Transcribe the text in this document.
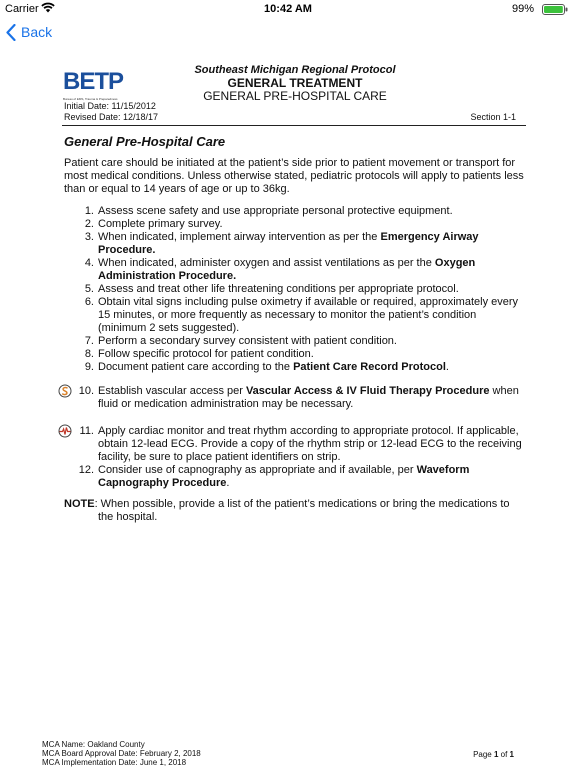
Carrier	10:42 AM	99%
Back
BETP
Bureau of EMS, Trauma & Preparedness
Southeast Michigan Regional Protocol
GENERAL TREATMENT
GENERAL PRE-HOSPITAL CARE
Initial Date: 11/15/2012
Revised Date: 12/18/17	Section 1-1
General Pre-Hospital Care
Patient care should be initiated at the patient’s side prior to patient movement or transport for most medical conditions. Unless otherwise stated, pediatric protocols will apply to patients less than or equal to 14 years of age or up to 36kg.
1. Assess scene safety and use appropriate personal protective equipment.
2. Complete primary survey.
3. When indicated, implement airway intervention as per the Emergency Airway Procedure.
4. When indicated, administer oxygen and assist ventilations as per the Oxygen Administration Procedure.
5. Assess and treat other life threatening conditions per appropriate protocol.
6. Obtain vital signs including pulse oximetry if available or required, approximately every 15 minutes, or more frequently as necessary to monitor the patient’s condition (minimum 2 sets suggested).
7. Perform a secondary survey consistent with patient condition.
8. Follow specific protocol for patient condition.
9. Document patient care according to the Patient Care Record Protocol.
10. Establish vascular access per Vascular Access & IV Fluid Therapy Procedure when fluid or medication administration may be necessary.
11. Apply cardiac monitor and treat rhythm according to appropriate protocol. If applicable, obtain 12-lead ECG. Provide a copy of the rhythm strip or 12-lead ECG to the receiving facility, be sure to place patient identifiers on strip.
12. Consider use of capnography as appropriate and if available, per Waveform Capnography Procedure.
NOTE: When possible, provide a list of the patient’s medications or bring the medications to the hospital.
MCA Name: Oakland County
MCA Board Approval Date: February 2, 2018
MCA Implementation Date: June 1, 2018
Page 1 of 1
